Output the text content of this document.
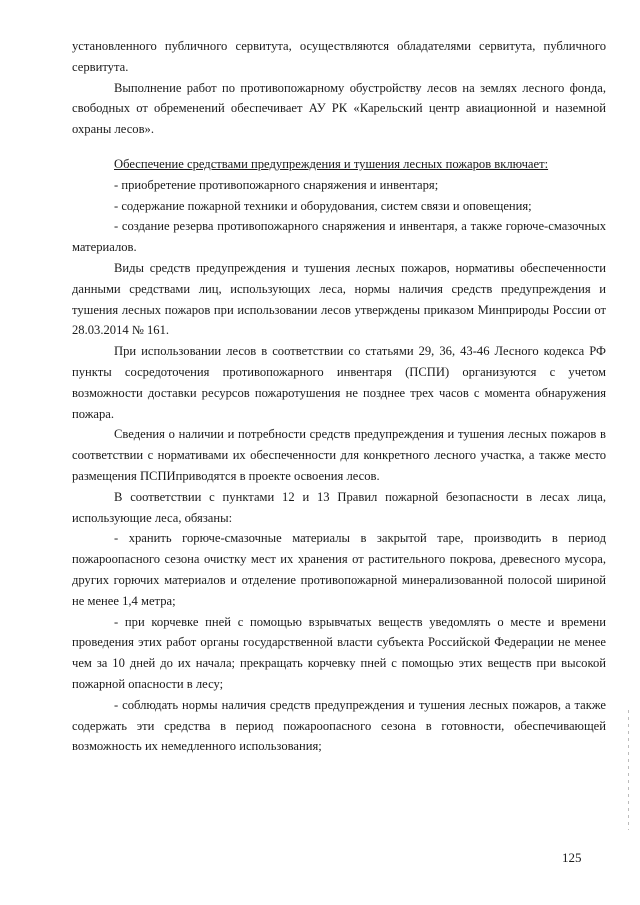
установленного публичного сервитута, осуществляются обладателями сервитута, публичного сервитута.

Выполнение работ по противопожарному обустройству лесов на землях лесного фонда, свободных от обременений обеспечивает АУ РК «Карельский центр авиационной и наземной охраны лесов».

Обеспечение средствами предупреждения и тушения лесных пожаров включает:

- приобретение противопожарного снаряжения и инвентаря;

- содержание пожарной техники и оборудования, систем связи и оповещения;

- создание резерва противопожарного снаряжения и инвентаря, а также горюче-смазочных материалов.

Виды средств предупреждения и тушения лесных пожаров, нормативы обеспеченности данными средствами лиц, использующих леса, нормы наличия средств предупреждения и тушения лесных пожаров при использовании лесов утверждены приказом Минприроды России от 28.03.2014 № 161.

При использовании лесов в соответствии со статьями 29, 36, 43-46 Лесного кодекса РФ пункты сосредоточения противопожарного инвентаря (ПСПИ) организуются с учетом возможности доставки ресурсов пожаротушения не позднее трех часов с момента обнаружения пожара.

Сведения о наличии и потребности средств предупреждения и тушения лесных пожаров в соответствии с нормативами их обеспеченности для конкретного лесного участка, а также место размещения ПСПИприводятся в проекте освоения лесов.

В соответствии с пунктами 12 и 13 Правил пожарной безопасности в лесах лица, использующие леса, обязаны:

- хранить горюче-смазочные материалы в закрытой таре, производить в период пожароопасного сезона очистку мест их хранения от растительного покрова, древесного мусора, других горючих материалов и отделение противопожарной минерализованной полосой шириной не менее 1,4 метра;

- при корчевке пней с помощью взрывчатых веществ уведомлять о месте и времени проведения этих работ органы государственной власти субъекта Российской Федерации не менее чем за 10 дней до их начала; прекращать корчевку пней с помощью этих веществ при высокой пожарной опасности в лесу;

- соблюдать нормы наличия средств предупреждения и тушения лесных пожаров, а также содержать эти средства в период пожароопасного сезона в готовности, обеспечивающей возможность их немедленного использования;

125
